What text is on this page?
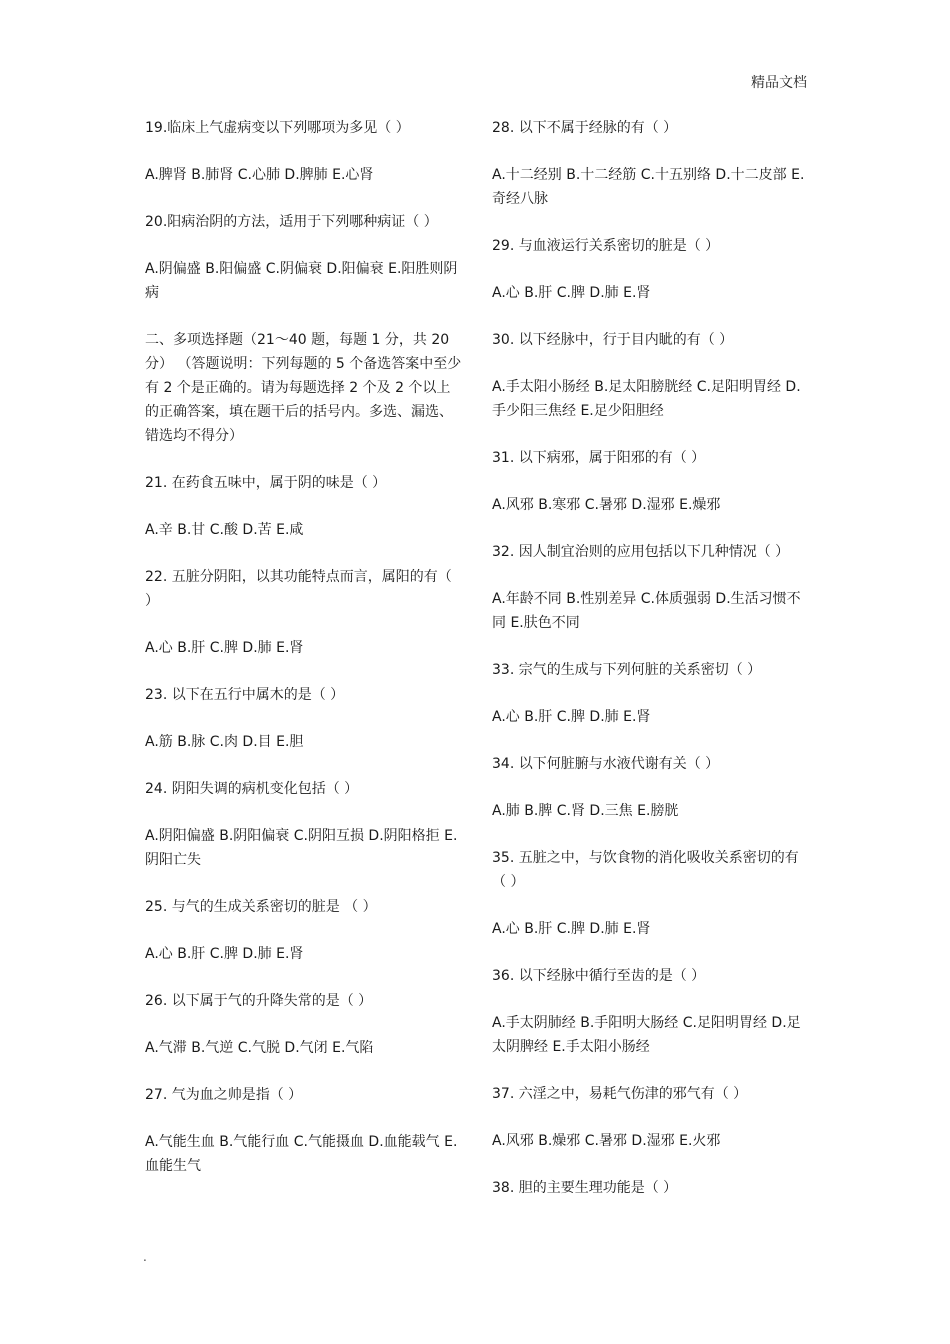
精品文档

19.临床上气虚病变以下列哪项为多见（ ）

A.脾肾 B.肺肾 C.心肺 D.脾肺 E.心肾

20.阳病治阴的方法，适用于下列哪种病证（ ）

A.阴偏盛 B.阳偏盛 C.阴偏衰 D.阳偏衰 E.阳胜则阴病

二、多项选择题（21～40 题，每题 1 分，共 20 分） （答题说明：下列每题的 5 个备选答案中至少有 2 个是正确的。请为每题选择 2 个及 2 个以上的正确答案，填在题干后的括号内。多选、漏选、错选均不得分）

21. 在药食五味中，属于阴的味是（ ）

A.辛 B.甘 C.酸 D.苦 E.咸

22. 五脏分阴阳，以其功能特点而言，属阳的有（ ）

A.心 B.肝 C.脾 D.肺 E.肾

23. 以下在五行中属木的是（ ）

A.筋 B.脉 C.肉 D.目 E.胆

24. 阴阳失调的病机变化包括（ ）

A.阴阳偏盛 B.阴阳偏衰 C.阴阳互损 D.阴阳格拒 E.阴阳亡失

25. 与气的生成关系密切的脏是 （ ）

A.心 B.肝 C.脾 D.肺 E.肾

26. 以下属于气的升降失常的是（ ）

A.气滞 B.气逆 C.气脱 D.气闭 E.气陷

27. 气为血之帅是指（ ）

A.气能生血 B.气能行血 C.气能摄血 D.血能载气 E.血能生气

28. 以下不属于经脉的有（ ）

A.十二经别 B.十二经筋 C.十五别络 D.十二皮部 E.奇经八脉

29. 与血液运行关系密切的脏是（ ）

A.心 B.肝 C.脾 D.肺 E.肾

30. 以下经脉中，行于目内眦的有（ ）

A.手太阳小肠经 B.足太阳膀胱经 C.足阳明胃经 D.手少阳三焦经 E.足少阳胆经

31. 以下病邪，属于阳邪的有（ ）

A.风邪 B.寒邪 C.暑邪 D.湿邪 E.燥邪

32. 因人制宜治则的应用包括以下几种情况（ ）

A.年龄不同 B.性别差异 C.体质强弱 D.生活习惯不同 E.肤色不同

33. 宗气的生成与下列何脏的关系密切（ ）

A.心 B.肝 C.脾 D.肺 E.肾

34. 以下何脏腑与水液代谢有关（ ）

A.肺 B.脾 C.肾 D.三焦 E.膀胱

35. 五脏之中，与饮食物的消化吸收关系密切的有（ ）

A.心 B.肝 C.脾 D.肺 E.肾

36. 以下经脉中循行至齿的是（ ）

A.手太阴肺经 B.手阳明大肠经 C.足阳明胃经 D.足太阴脾经 E.手太阳小肠经

37. 六淫之中，易耗气伤津的邪气有（ ）

A.风邪 B.燥邪 C.暑邪 D.湿邪 E.火邪

38. 胆的主要生理功能是（ ）

.
